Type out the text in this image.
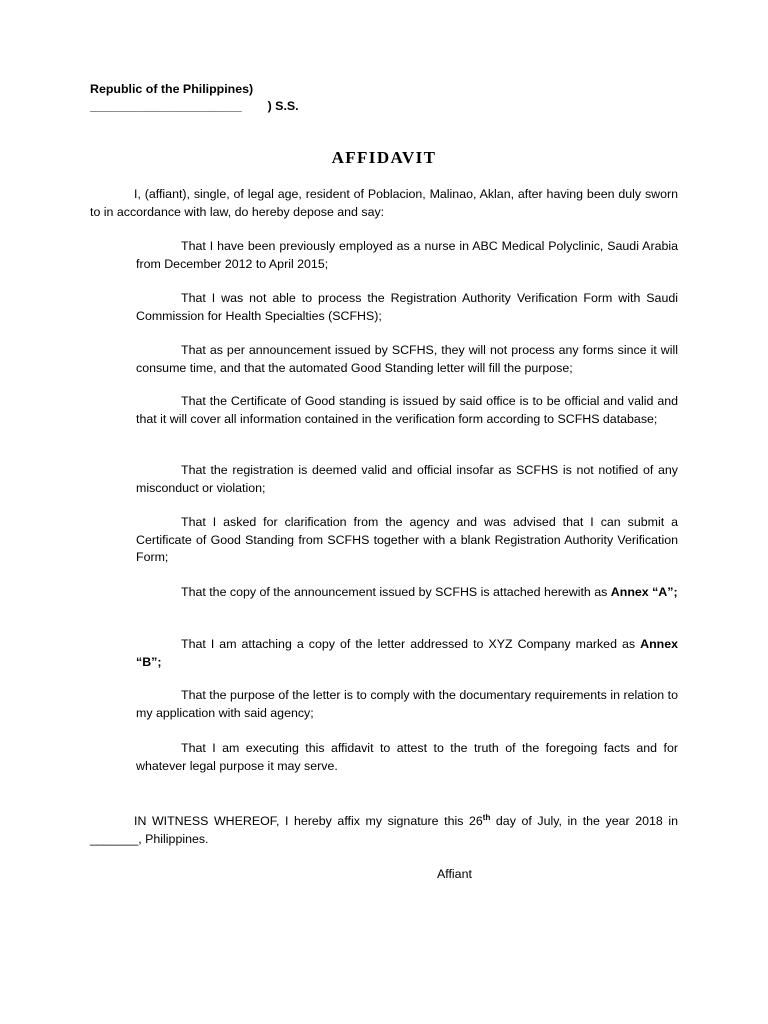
Republic of the Philippines)
______________________ ) S.S.
AFFIDAVIT

I, (affiant), single, of legal age, resident of Poblacion, Malinao, Aklan, after having been duly sworn to in accordance with law, do hereby depose and say:

That I have been previously employed as a nurse in ABC Medical Polyclinic, Saudi Arabia from December 2012 to April 2015;

That I was not able to process the Registration Authority Verification Form with Saudi Commission for Health Specialties (SCFHS);

That as per announcement issued by SCFHS, they will not process any forms since it will consume time, and that the automated Good Standing letter will fill the purpose;

That the Certificate of Good standing is issued by said office is to be official and valid and that it will cover all information contained in the verification form according to SCFHS database;

That the registration is deemed valid and official insofar as SCFHS is not notified of any misconduct or violation;

That I asked for clarification from the agency and was advised that I can submit a Certificate of Good Standing from SCFHS together with a blank Registration Authority Verification Form;

That the copy of the announcement issued by SCFHS is attached herewith as Annex “A”;

That I am attaching a copy of the letter addressed to XYZ Company marked as Annex “B”;

That the purpose of the letter is to comply with the documentary requirements in relation to my application with said agency;

That I am executing this affidavit to attest to the truth of the foregoing facts and for whatever legal purpose it may serve.

IN WITNESS WHEREOF, I hereby affix my signature this 26th day of July, in the year 2018 in _______, Philippines.

Affiant
